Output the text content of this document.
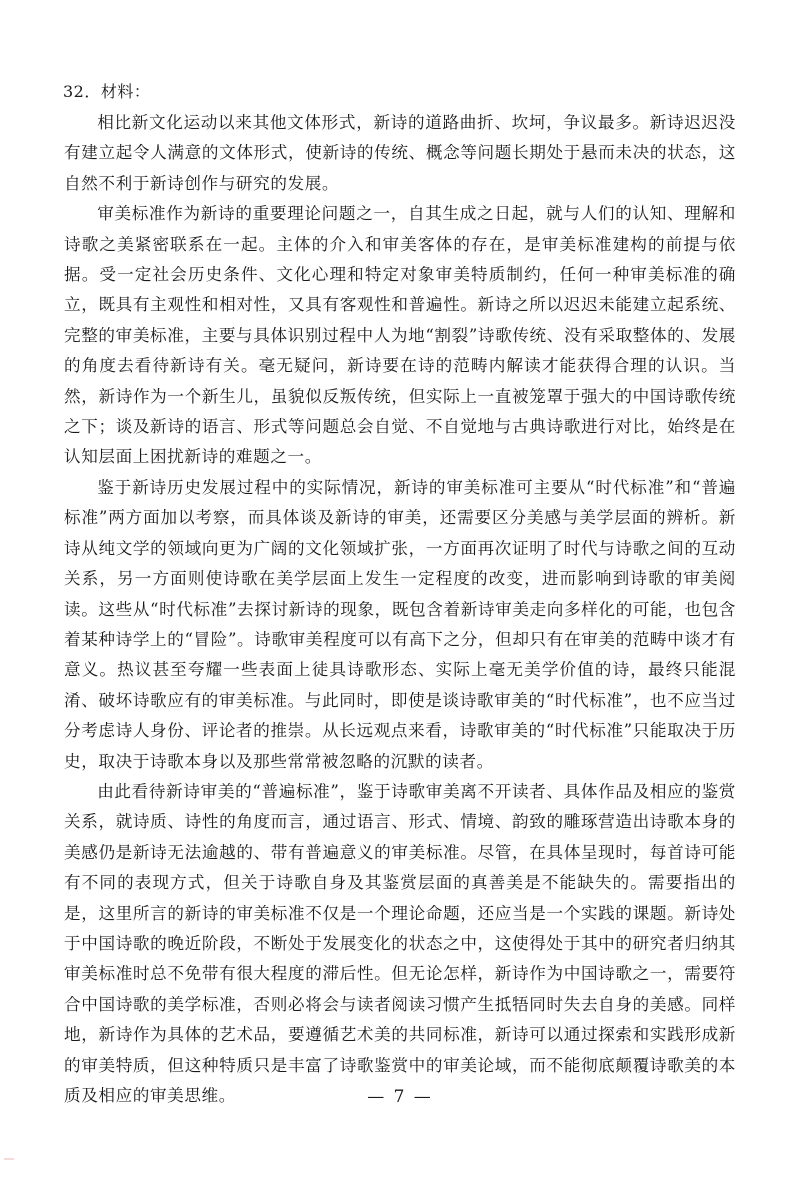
32．材料：

相比新文化运动以来其他文体形式，新诗的道路曲折、坎坷，争议最多。新诗迟迟没有建立起令人满意的文体形式，使新诗的传统、概念等问题长期处于悬而未决的状态，这自然不利于新诗创作与研究的发展。

审美标准作为新诗的重要理论问题之一，自其生成之日起，就与人们的认知、理解和诗歌之美紧密联系在一起。主体的介入和审美客体的存在，是审美标准建构的前提与依据。受一定社会历史条件、文化心理和特定对象审美特质制约，任何一种审美标准的确立，既具有主观性和相对性，又具有客观性和普遍性。新诗之所以迟迟未能建立起系统、完整的审美标准，主要与具体识别过程中人为地“割裂”诗歌传统、没有采取整体的、发展的角度去看待新诗有关。毫无疑问，新诗要在诗的范畴内解读才能获得合理的认识。当然，新诗作为一个新生儿，虽貌似反叛传统，但实际上一直被笼罩于强大的中国诗歌传统之下；谈及新诗的语言、形式等问题总会自觉、不自觉地与古典诗歌进行对比，始终是在认知层面上困扰新诗的难题之一。

鉴于新诗历史发展过程中的实际情况，新诗的审美标准可主要从“时代标准”和“普遍标准”两方面加以考察，而具体谈及新诗的审美，还需要区分美感与美学层面的辨析。新诗从纯文学的领域向更为广阔的文化领域扩张，一方面再次证明了时代与诗歌之间的互动关系，另一方面则使诗歌在美学层面上发生一定程度的改变，进而影响到诗歌的审美阅读。这些从“时代标准”去探讨新诗的现象，既包含着新诗审美走向多样化的可能，也包含着某种诗学上的“冒险”。诗歌审美程度可以有高下之分，但却只有在审美的范畴中谈才有意义。热议甚至夸耀一些表面上徒具诗歌形态、实际上毫无美学价值的诗，最终只能混淆、破坏诗歌应有的审美标准。与此同时，即使是谈诗歌审美的“时代标准”，也不应当过分考虑诗人身份、评论者的推崇。从长远观点来看，诗歌审美的“时代标准”只能取决于历史，取决于诗歌本身以及那些常常被忽略的沉默的读者。

由此看待新诗审美的“普遍标准”，鉴于诗歌审美离不开读者、具体作品及相应的鉴赏关系，就诗质、诗性的角度而言，通过语言、形式、情境、韵致的雕琢营造出诗歌本身的美感仍是新诗无法逾越的、带有普遍意义的审美标准。尽管，在具体呈现时，每首诗可能有不同的表现方式，但关于诗歌自身及其鉴赏层面的真善美是不能缺失的。需要指出的是，这里所言的新诗的审美标准不仅是一个理论命题，还应当是一个实践的课题。新诗处于中国诗歌的晚近阶段，不断处于发展变化的状态之中，这使得处于其中的研究者归纳其审美标准时总不免带有很大程度的滞后性。但无论怎样，新诗作为中国诗歌之一，需要符合中国诗歌的美学标准，否则必将会与读者阅读习惯产生抵牾同时失去自身的美感。同样地，新诗作为具体的艺术品，要遵循艺术美的共同标准，新诗可以通过探索和实践形成新的审美特质，但这种特质只是丰富了诗歌鉴赏中的审美论域，而不能彻底颠覆诗歌美的本质及相应的审美思维。	— 7 —
